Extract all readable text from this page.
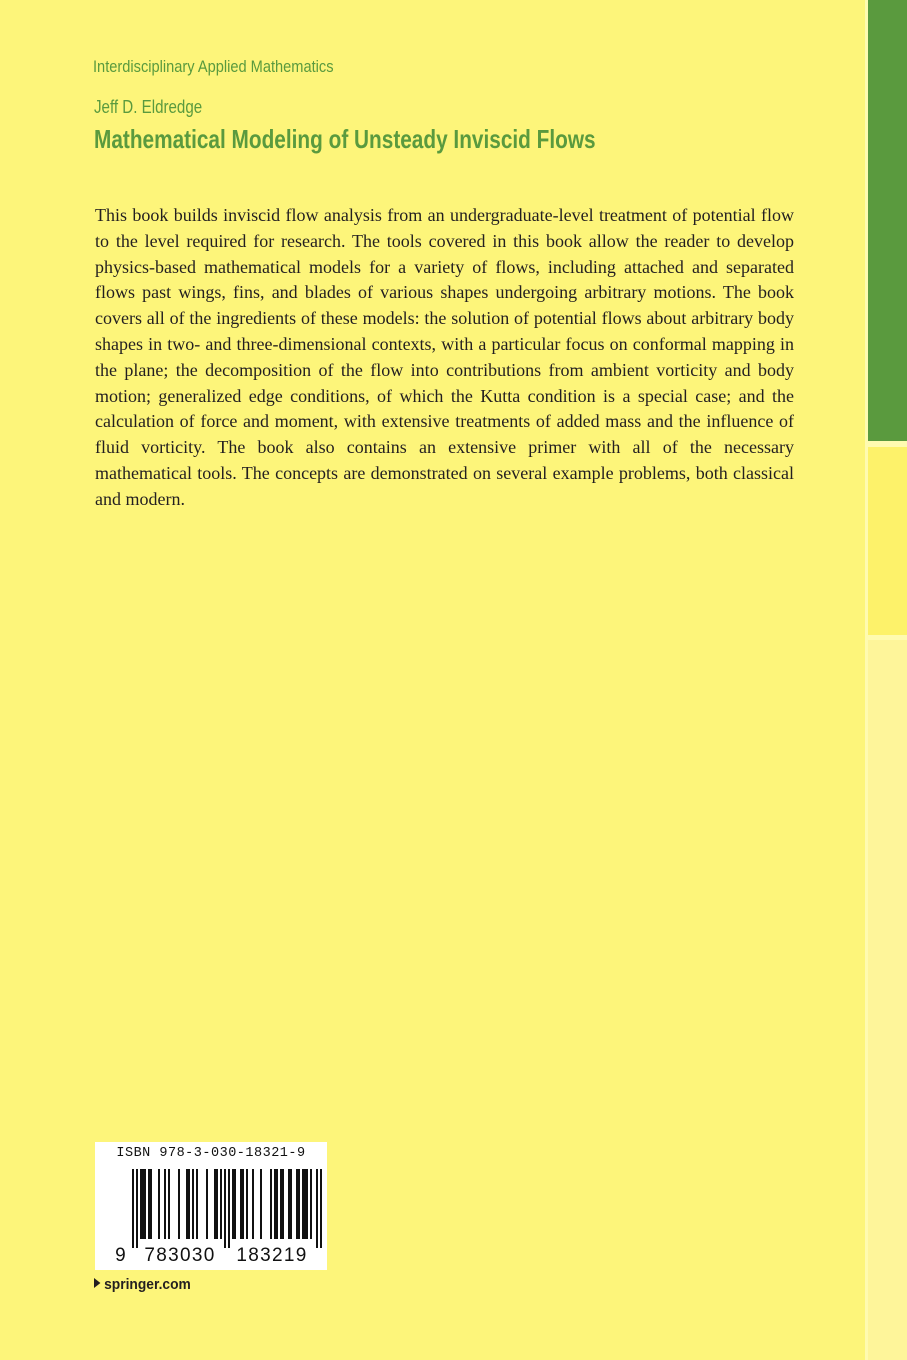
Interdisciplinary Applied Mathematics
Jeff D. Eldredge
Mathematical Modeling of Unsteady Inviscid Flows
This book builds inviscid flow analysis from an undergraduate-level treatment of potential flow to the level required for research. The tools covered in this book allow the reader to develop physics-based mathematical models for a variety of flows, including attached and separated flows past wings, fins, and blades of various shapes undergoing arbitrary motions. The book covers all of the ingredients of these models: the solution of potential flows about arbitrary body shapes in two- and three-dimensional contexts, with a particular focus on conformal mapping in the plane; the decomposition of the flow into contributions from ambient vorticity and body motion; generalized edge conditions, of which the Kutta condition is a special case; and the calculation of force and moment, with extensive treatments of added mass and the influence of fluid vorticity. The book also contains an extensive primer with all of the necessary mathematical tools. The concepts are demonstrated on several example problems, both classical and modern.
ISBN 978-3-030-18321-9
9 783030 183219
springer.com
